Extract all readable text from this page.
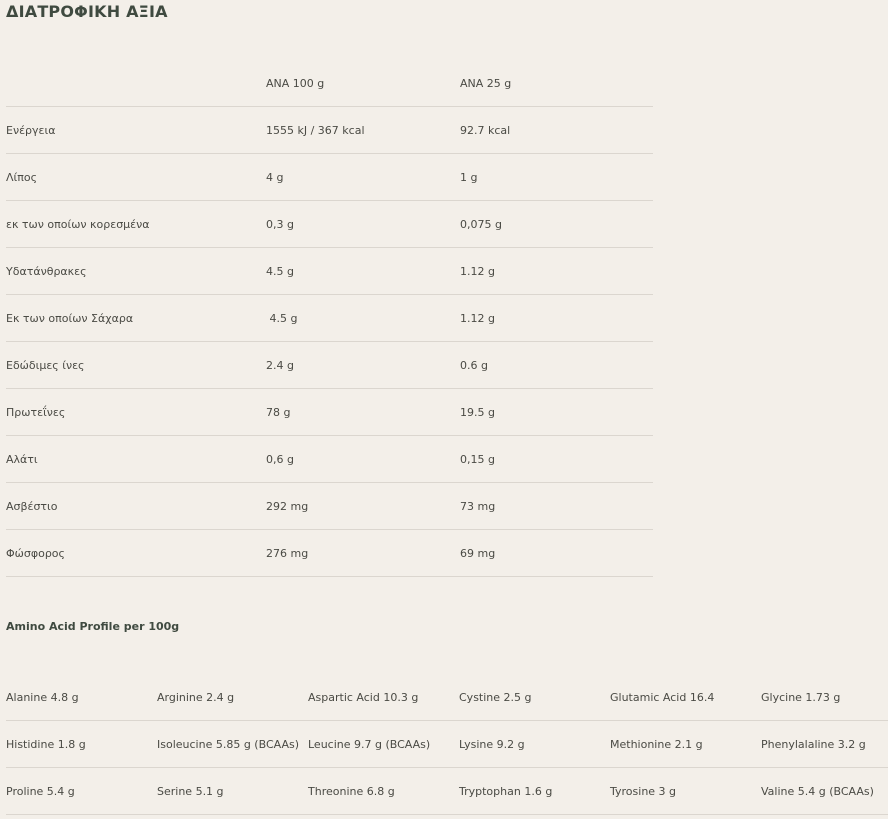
ΔΙΑΤΡΟΦΙΚΗ ΑΞΙΑ
	ΑΝΑ 100 g	ΑΝΑ 25 g
Ενέργεια	1555 kJ / 367 kcal	92.7 kcal
Λίπος	4 g	1 g
εκ των οποίων κορεσμένα	0,3 g	0,075 g
Υδατάνθρακες	4.5 g	1.12 g
Εκ των οποίων Σάχαρα	4.5 g	1.12 g
Εδώδιμες ίνες	2.4 g	0.6 g
Πρωτεΐνες	78 g	19.5 g
Αλάτι	0,6 g	0,15 g
Ασβέστιο	292 mg	73 mg
Φώσφορος	276 mg	69 mg
Amino Acid Profile per 100g
Alanine 4.8 g	Arginine 2.4 g	Aspartic Acid 10.3 g	Cystine 2.5 g	Glutamic Acid 16.4	Glycine 1.73 g
Histidine 1.8 g	Isoleucine 5.85 g (BCAAs)	Leucine 9.7 g (BCAAs)	Lysine 9.2 g	Methionine 2.1 g	Phenylalaline 3.2 g
Proline 5.4 g	Serine 5.1 g	Threonine 6.8 g	Tryptophan 1.6 g	Tyrosine 3 g	Valine 5.4 g (BCAAs)
